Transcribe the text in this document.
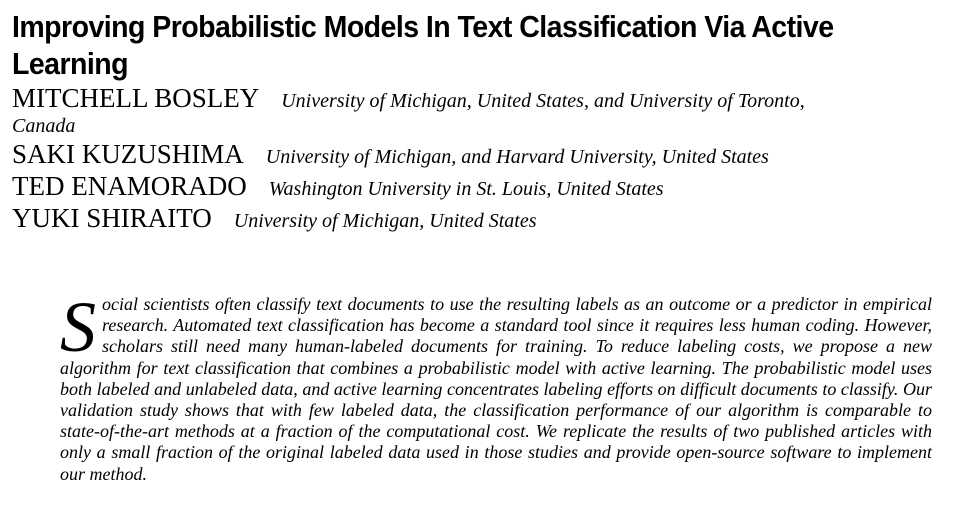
Improving Probabilistic Models In Text Classification Via Active Learning
MITCHELL BOSLEY University of Michigan, United States, and University of Toronto,
Canada
SAKI KUZUSHIMA University of Michigan, and Harvard University, United States
TED ENAMORADO Washington University in St. Louis, United States
YUKI SHIRAITO University of Michigan, United States

Social scientists often classify text documents to use the resulting labels as an outcome or a predictor in empirical research. Automated text classification has become a standard tool since it requires less human coding. However, scholars still need many human-labeled documents for training. To reduce labeling costs, we propose a new algorithm for text classification that combines a probabilistic model with active learning. The probabilistic model uses both labeled and unlabeled data, and active learning concentrates labeling efforts on difficult documents to classify. Our validation study shows that with few labeled data, the classification performance of our algorithm is comparable to state-of-the-art methods at a fraction of the computational cost. We replicate the results of two published articles with only a small fraction of the original labeled data used in those studies and provide open-source software to implement our method.
